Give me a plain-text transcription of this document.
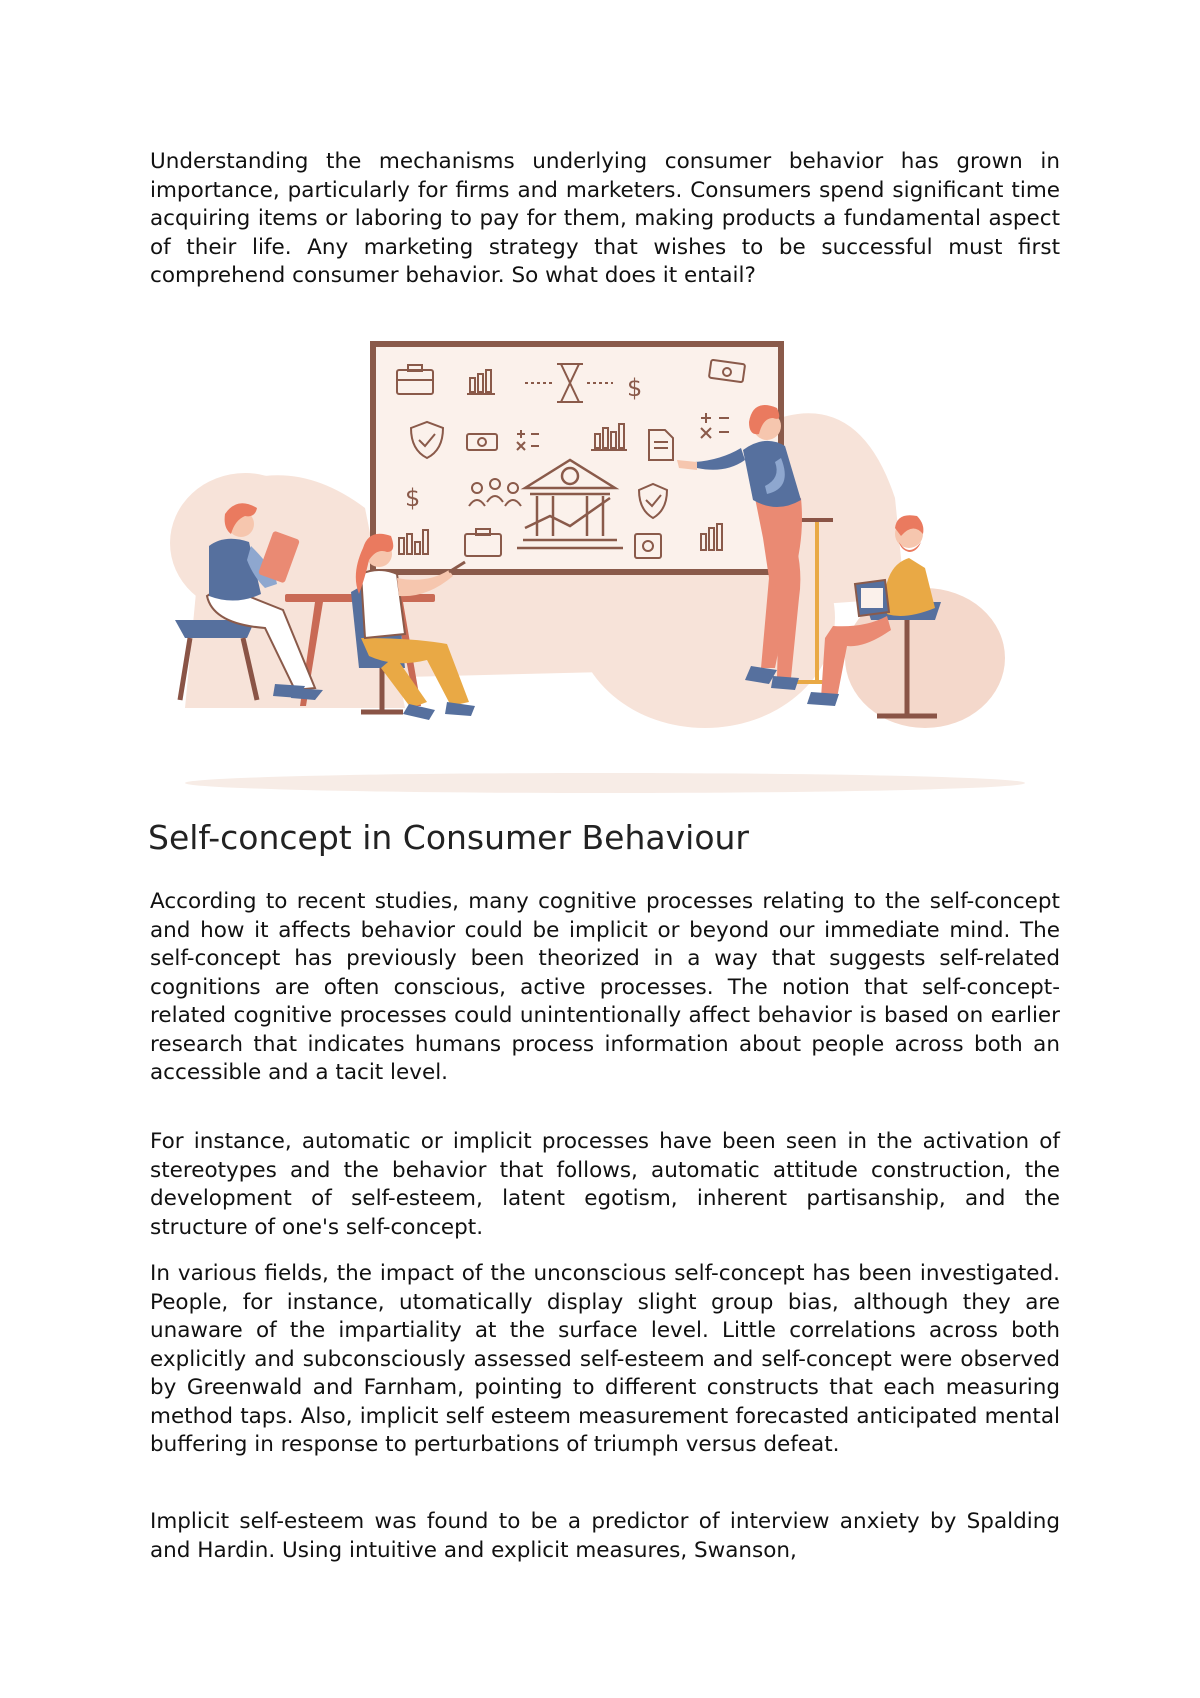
Understanding the mechanisms underlying consumer behavior has grown in importance, particularly for firms and marketers. Consumers spend significant time acquiring items or laboring to pay for them, making products a fundamental aspect of their life. Any marketing strategy that wishes to be successful must first comprehend consumer behavior. So what does it entail?

$
$
Self-concept in Consumer Behaviour

According to recent studies, many cognitive processes relating to the self-concept and how it affects behavior could be implicit or beyond our immediate mind. The self-concept has previously been theorized in a way that suggests self-related cognitions are often conscious, active processes. The notion that self-concept-related cognitive processes could unintentionally affect behavior is based on earlier research that indicates humans process information about people across both an accessible and a tacit level.

For instance, automatic or implicit processes have been seen in the activation of stereotypes and the behavior that follows, automatic attitude construction, the development of self-esteem, latent egotism, inherent partisanship, and the structure of one's self-concept.

In various fields, the impact of the unconscious self-concept has been investigated. People, for instance, utomatically display slight group bias, although they are unaware of the impartiality at the surface level. Little correlations across both explicitly and subconsciously assessed self-esteem and self-concept were observed by Greenwald and Farnham, pointing to different constructs that each measuring method taps. Also, implicit self esteem measurement forecasted anticipated mental buffering in response to perturbations of triumph versus defeat.

Implicit self-esteem was found to be a predictor of interview anxiety by Spalding and Hardin. Using intuitive and explicit measures, Swanson,
